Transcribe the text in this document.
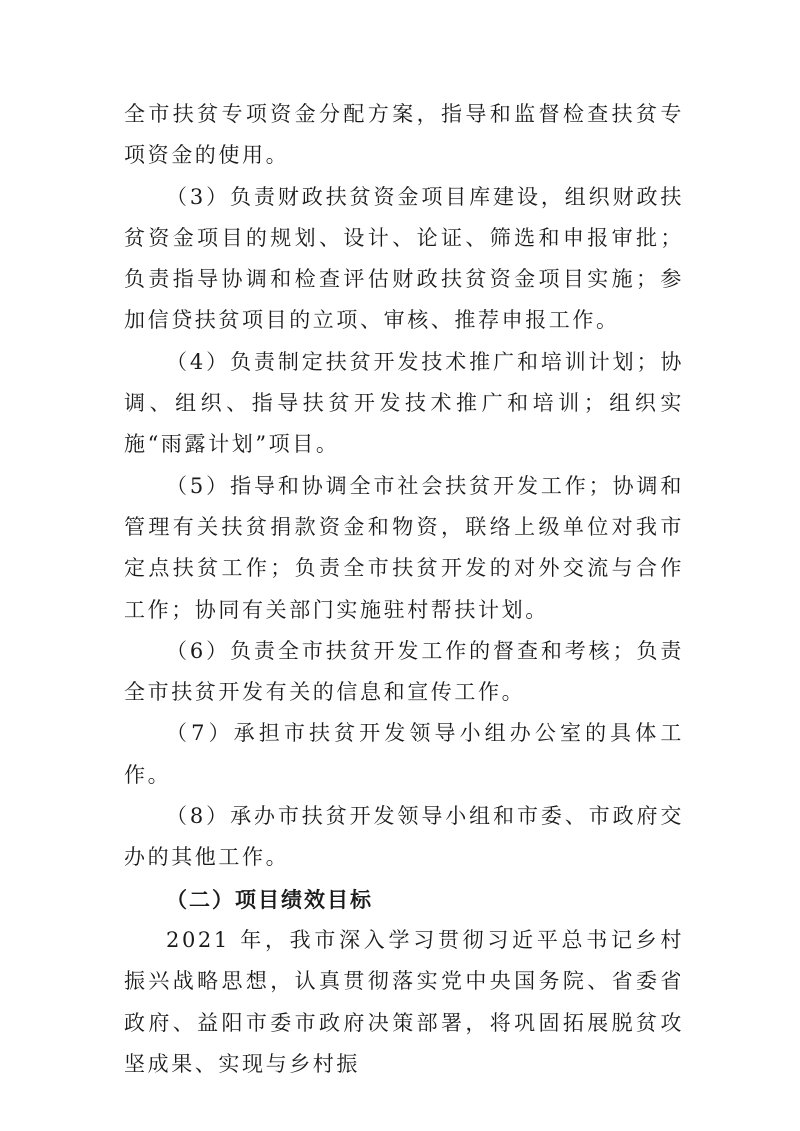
全市扶贫专项资金分配方案，指导和监督检查扶贫专项资金的使用。

（3）负责财政扶贫资金项目库建设，组织财政扶贫资金项目的规划、设计、论证、筛选和申报审批；负责指导协调和检查评估财政扶贫资金项目实施；参加信贷扶贫项目的立项、审核、推荐申报工作。

（4）负责制定扶贫开发技术推广和培训计划；协调、组织、指导扶贫开发技术推广和培训；组织实施“雨露计划”项目。

（5）指导和协调全市社会扶贫开发工作；协调和管理有关扶贫捐款资金和物资，联络上级单位对我市定点扶贫工作；负责全市扶贫开发的对外交流与合作工作；协同有关部门实施驻村帮扶计划。

（6）负责全市扶贫开发工作的督查和考核；负责全市扶贫开发有关的信息和宣传工作。

（7）承担市扶贫开发领导小组办公室的具体工作。

（8）承办市扶贫开发领导小组和市委、市政府交办的其他工作。

（二）项目绩效目标

2021 年，我市深入学习贯彻习近平总书记乡村振兴战略思想，认真贯彻落实党中央国务院、省委省政府、益阳市委市政府决策部署，将巩固拓展脱贫攻坚成果、实现与乡村振
